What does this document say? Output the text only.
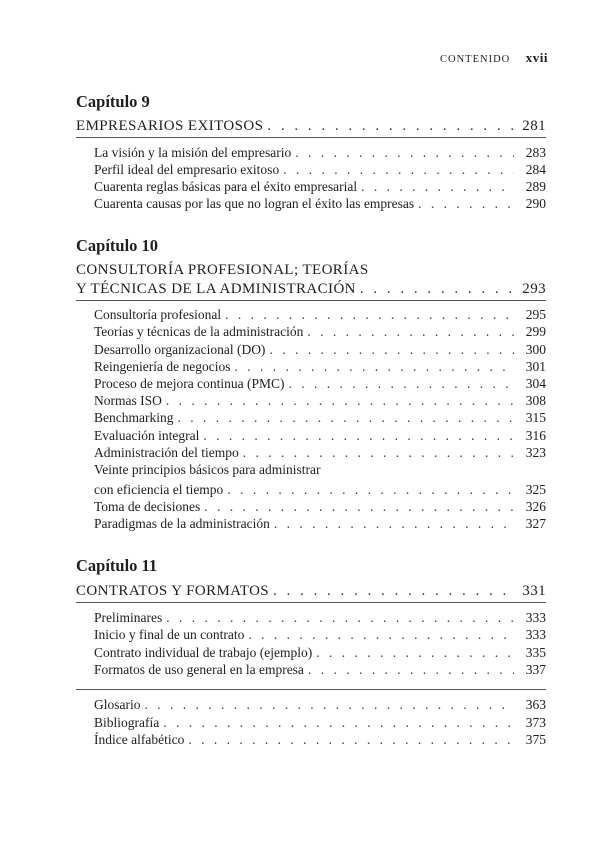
CONTENIDO xvii
Capítulo 9
EMPRESARIOS EXITOSOS . . .	281
La visión y la misión del empresario . . .	283
Perfil ideal del empresario exitoso . . .	284
Cuarenta reglas básicas para el éxito empresarial . . .	289
Cuarenta causas por las que no logran el éxito las empresas . . .	290
Capítulo 10
CONSULTORÍA PROFESIONAL; TEORÍAS
Y TÉCNICAS DE LA ADMINISTRACIÓN . . .	293
Consultoría profesional . . .	295
Teorías y técnicas de la administración . . .	299
Desarrollo organizacional (DO) . . .	300
Reingeniería de negocios . . .	301
Proceso de mejora continua (PMC) . . .	304
Normas ISO . . .	308
Benchmarking . . .	315
Evaluación integral . . .	316
Administración del tiempo . . .	323
Veinte principios básicos para administrar
con eficiencia el tiempo . . .	325
Toma de decisiones . . .	326
Paradigmas de la administración . . .	327
Capítulo 11
CONTRATOS Y FORMATOS . . .	331
Preliminares . . .	333
Inicio y final de un contrato . . .	333
Contrato individual de trabajo (ejemplo) . . .	335
Formatos de uso general en la empresa . . .	337
Glosario . . .	363
Bibliografía . . .	373
Índice alfabético . . .	375
